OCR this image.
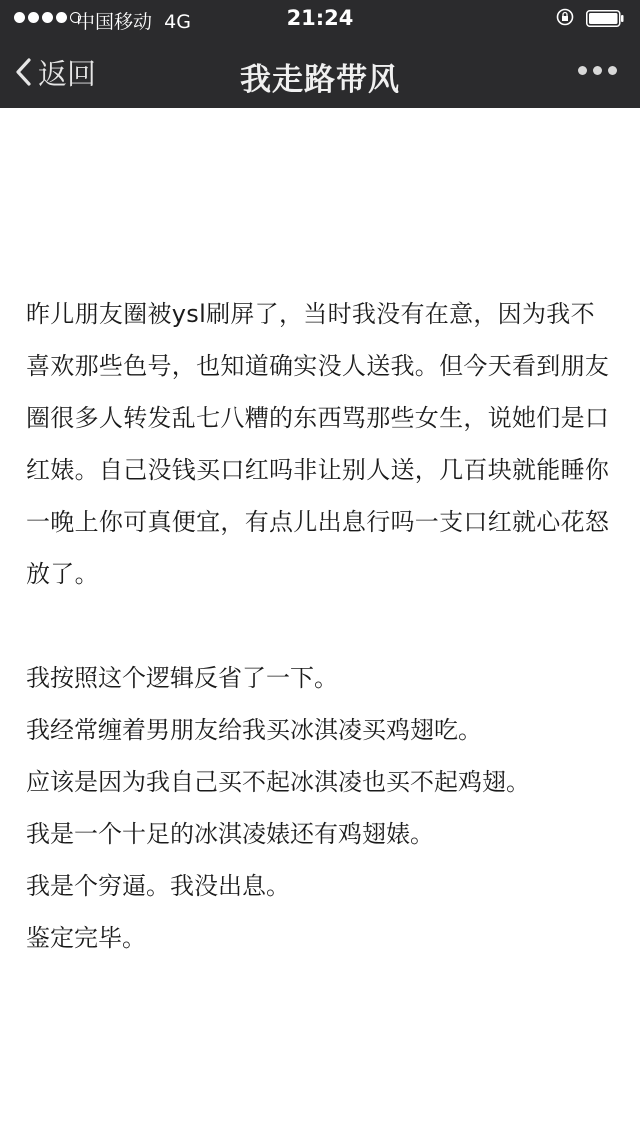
中国移动 4G	21:24
返回	我走路带风

昨儿朋友圈被ysl刷屏了，当时我没有在意，因为我不喜欢那些色号，也知道确实没人送我。但今天看到朋友圈很多人转发乱七八糟的东西骂那些女生，说她们是口红婊。自己没钱买口红吗非让别人送，几百块就能睡你一晚上你可真便宜，有点儿出息行吗一支口红就心花怒放了。

我按照这个逻辑反省了一下。

我经常缠着男朋友给我买冰淇凌买鸡翅吃。

应该是因为我自己买不起冰淇凌也买不起鸡翅。

我是一个十足的冰淇凌婊还有鸡翅婊。

我是个穷逼。我没出息。

鉴定完毕。
